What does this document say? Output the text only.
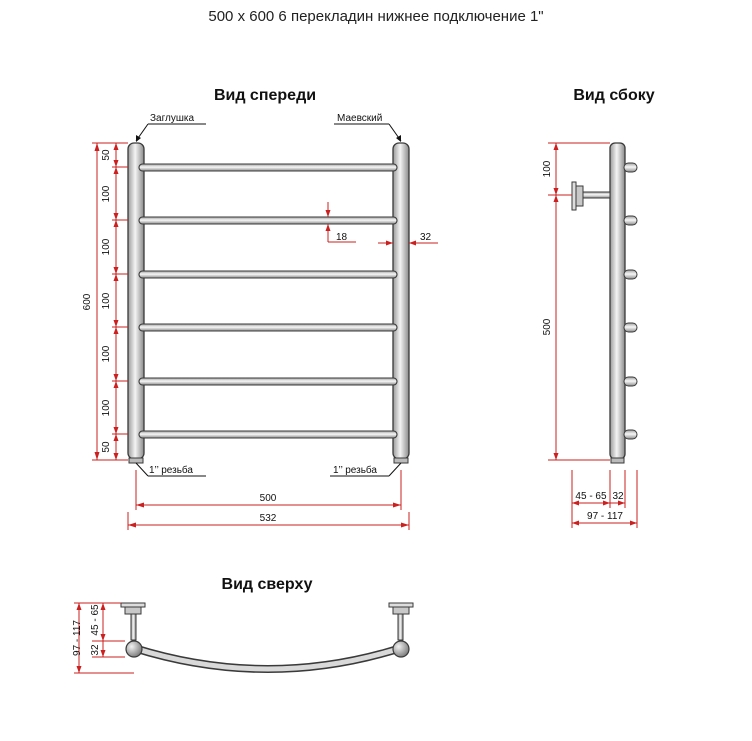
500 x 600 6 перекладин нижнее подключение 1"
Вид спереди
Заглушка	Маевский
1’’ резьба	1’’ резьба
600
50
100
100
100
100
100
50
18	32
500
532
Вид сбоку
100
500
45 - 65 32
97 - 117
Вид сверху
97 - 117 32
45 - 65
